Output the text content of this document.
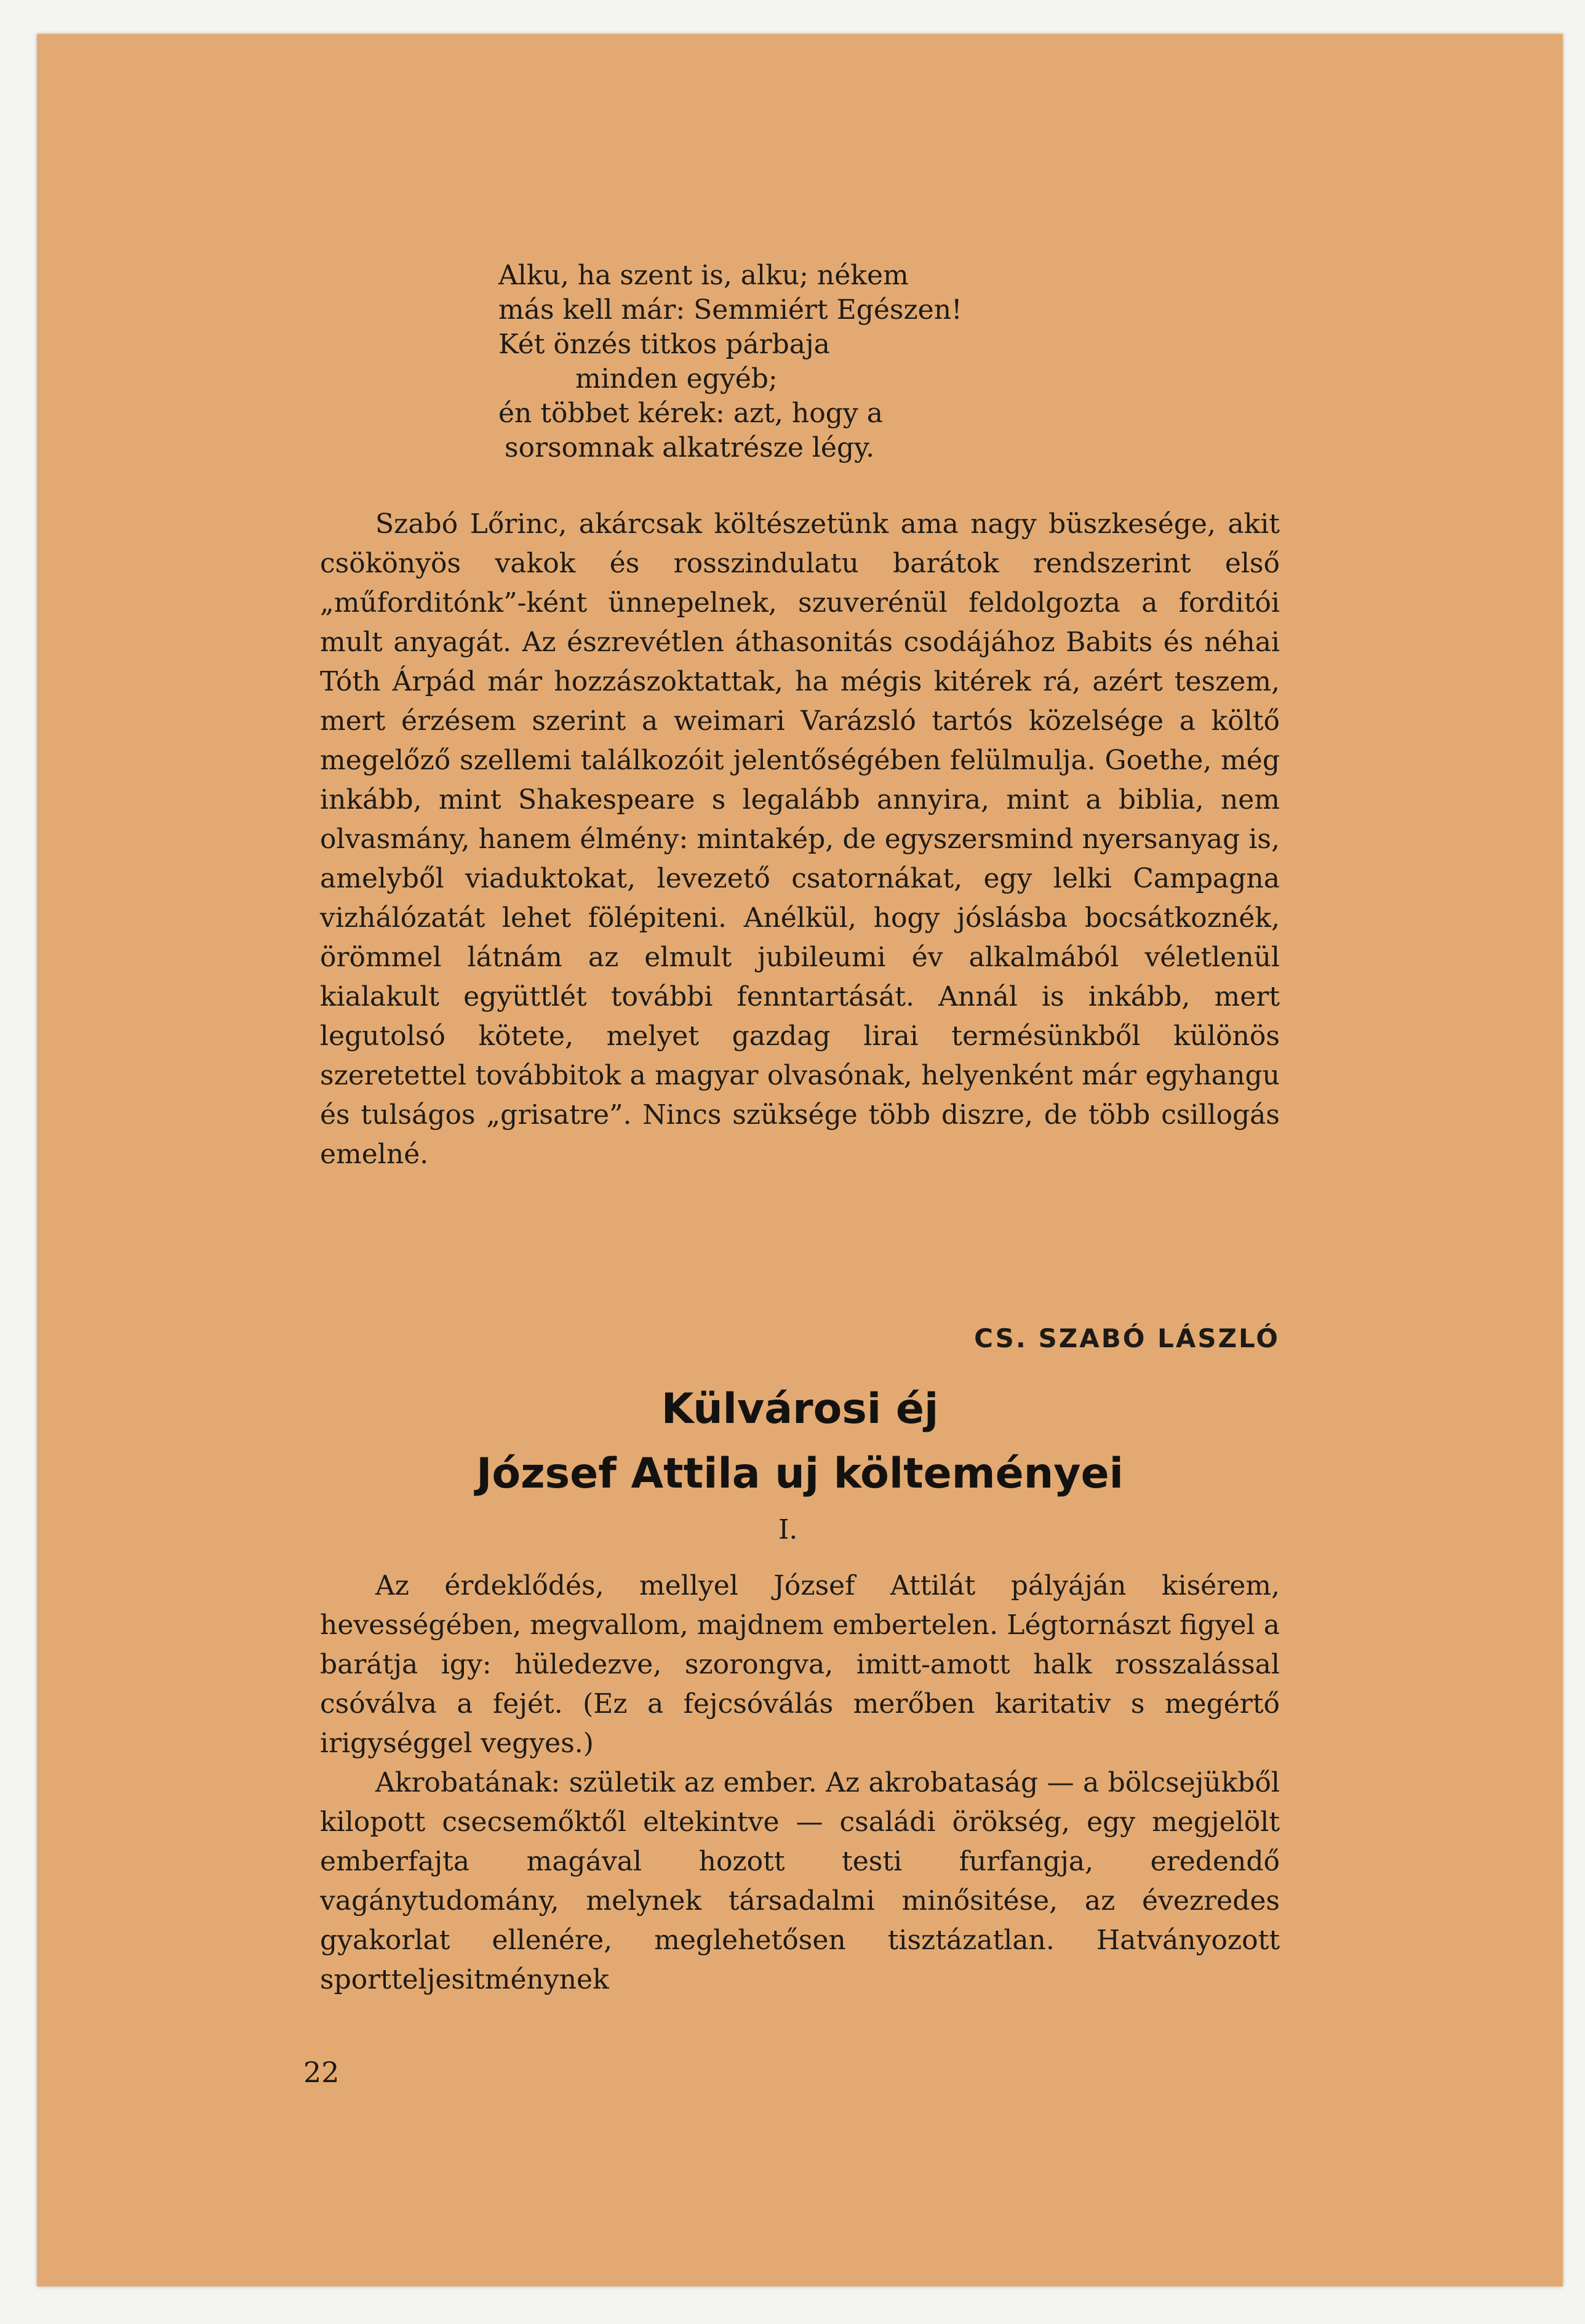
Alku, ha szent is, alku; nékem
más kell már: Semmiért Egészen!
Két önzés titkos párbaja
minden egyéb;
én többet kérek: azt, hogy a
sorsomnak alkatrésze légy.

Szabó Lőrinc, akárcsak költészetünk ama nagy büszkesége, akit csökönyös vakok és rosszindulatu barátok rendszerint első „műforditónk”-ként ünnepelnek, szuverénül feldolgozta a forditói mult anyagát. Az észrevétlen áthasonitás csodájához Babits és néhai Tóth Árpád már hozzászoktattak, ha mégis kitérek rá, azért teszem, mert érzésem szerint a weimari Varázsló tartós közelsége a költő megelőző szellemi találkozóit jelentőségében felülmulja. Goethe, még inkább, mint Shakespeare s legalább annyira, mint a biblia, nem olvasmány, hanem élmény: mintakép, de egyszersmind nyersanyag is, amelyből viaduktokat, levezető csatornákat, egy lelki Campagna vizhálózatát lehet fölépiteni. Anélkül, hogy jóslásba bocsátkoznék, örömmel látnám az elmult jubileumi év alkalmából véletlenül kialakult együttlét további fenntartását. Annál is inkább, mert legutolsó kötete, melyet gazdag lirai termésünkből különös szeretettel továbbitok a magyar olvasónak, helyenként már egyhangu és tulságos „grisatre”. Nincs szüksége több diszre, de több csillogás emelné.

CS. SZABÓ LÁSZLÓ
Külvárosi éj
József Attila uj költeményei
I.

Az érdeklődés, mellyel József Attilát pályáján kisérem, hevességében, megvallom, majdnem embertelen. Légtornászt figyel a barátja igy: hüledezve, szorongva, imitt-amott halk rosszalással csóválva a fejét. (Ez a fejcsóválás merőben karitativ s megértő irigységgel vegyes.)

Akrobatának: születik az ember. Az akrobataság — a bölcsejükből kilopott csecsemőktől eltekintve — családi örökség, egy megjelölt emberfajta magával hozott testi furfangja, eredendő vagánytudomány, melynek társadalmi minősitése, az évezredes gyakorlat ellenére, meglehetősen tisztázatlan. Hatványozott sportteljesitménynek

22
